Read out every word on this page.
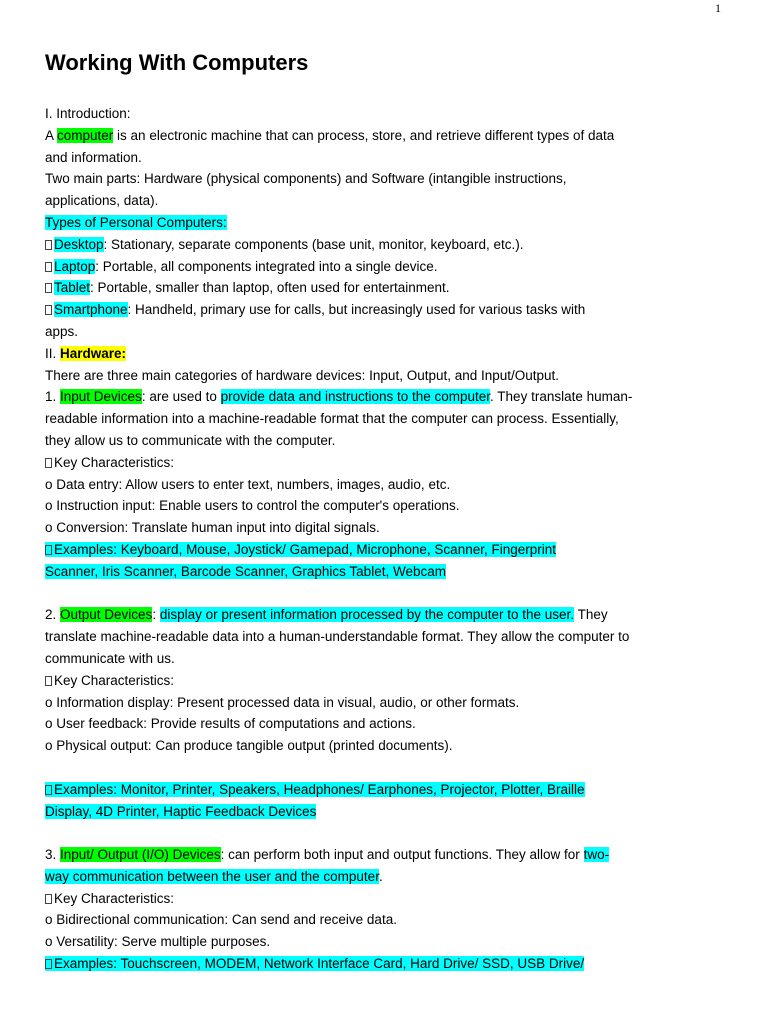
1
Working With Computers
I. Introduction:
A computer is an electronic machine that can process, store, and retrieve different types of data
and information.
Two main parts: Hardware (physical components) and Software (intangible instructions,
applications, data).
Types of Personal Computers:
Desktop: Stationary, separate components (base unit, monitor, keyboard, etc.).
Laptop: Portable, all components integrated into a single device.
Tablet: Portable, smaller than laptop, often used for entertainment.
Smartphone: Handheld, primary use for calls, but increasingly used for various tasks with
apps.
II. Hardware:
There are three main categories of hardware devices: Input, Output, and Input/Output.
1. Input Devices: are used to provide data and instructions to the computer. They translate human-
readable information into a machine-readable format that the computer can process. Essentially,
they allow us to communicate with the computer.
Key Characteristics:
o Data entry: Allow users to enter text, numbers, images, audio, etc.
o Instruction input: Enable users to control the computer's operations.
o Conversion: Translate human input into digital signals.
Examples: Keyboard, Mouse, Joystick/ Gamepad, Microphone, Scanner, Fingerprint
Scanner, Iris Scanner, Barcode Scanner, Graphics Tablet, Webcam
2. Output Devices: display or present information processed by the computer to the user. They
translate machine-readable data into a human-understandable format. They allow the computer to
communicate with us.
Key Characteristics:
o Information display: Present processed data in visual, audio, or other formats.
o User feedback: Provide results of computations and actions.
o Physical output: Can produce tangible output (printed documents).
Examples: Monitor, Printer, Speakers, Headphones/ Earphones, Projector, Plotter, Braille
Display, 4D Printer, Haptic Feedback Devices
3. Input/ Output (I/O) Devices: can perform both input and output functions. They allow for two-
way communication between the user and the computer.
Key Characteristics:
o Bidirectional communication: Can send and receive data.
o Versatility: Serve multiple purposes.
Examples: Touchscreen, MODEM, Network Interface Card, Hard Drive/ SSD, USB Drive/
